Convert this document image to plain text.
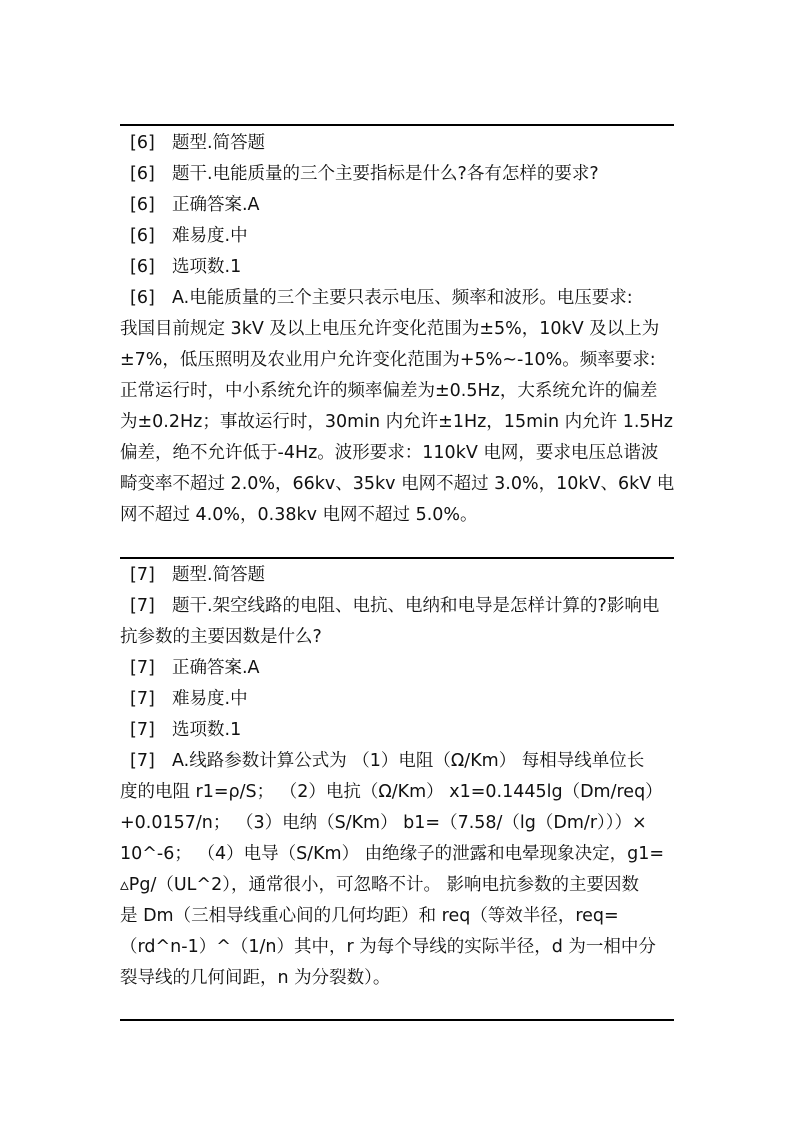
[6] 题型.简答题
[6] 题干.电能质量的三个主要指标是什么?各有怎样的要求?
[6] 正确答案.A
[6] 难易度.中
[6] 选项数.1
[6] A.电能质量的三个主要只表示电压、频率和波形。电压要求:
我国目前规定 3kV 及以上电压允许变化范围为±5%，10kV 及以上为
±7%，低压照明及农业用户允许变化范围为+5%~-10%。频率要求:
正常运行时，中小系统允许的频率偏差为±0.5Hz，大系统允许的偏差
为±0.2Hz；事故运行时，30min 内允许±1Hz，15min 内允许 1.5Hz
偏差，绝不允许低于-4Hz。波形要求：110kV 电网，要求电压总谐波
畸变率不超过 2.0%，66kv、35kv 电网不超过 3.0%，10kV、6kV 电
网不超过 4.0%，0.38kv 电网不超过 5.0%。
[7] 题型.简答题
[7] 题干.架空线路的电阻、电抗、电纳和电导是怎样计算的?影响电
抗参数的主要因数是什么?
[7] 正确答案.A
[7] 难易度.中
[7] 选项数.1
[7] A.线路参数计算公式为 （1）电阻（Ω/Km） 每相导线单位长
度的电阻 r1=ρ/S； （2）电抗（Ω/Km） x1=0.1445lg（Dm/req）
+0.0157/n； （3）电纳（S/Km） b1=（7.58/（lg（Dm/r）））×
10^-6； （4）电导（S/Km） 由绝缘子的泄露和电晕现象决定，g1=
▵Pg/（UL^2），通常很小，可忽略不计。 影响电抗参数的主要因数
是 Dm（三相导线重心间的几何均距）和 req（等效半径，req=
（rd^n-1）^（1/n）其中，r 为每个导线的实际半径，d 为一相中分
裂导线的几何间距，n 为分裂数）。
